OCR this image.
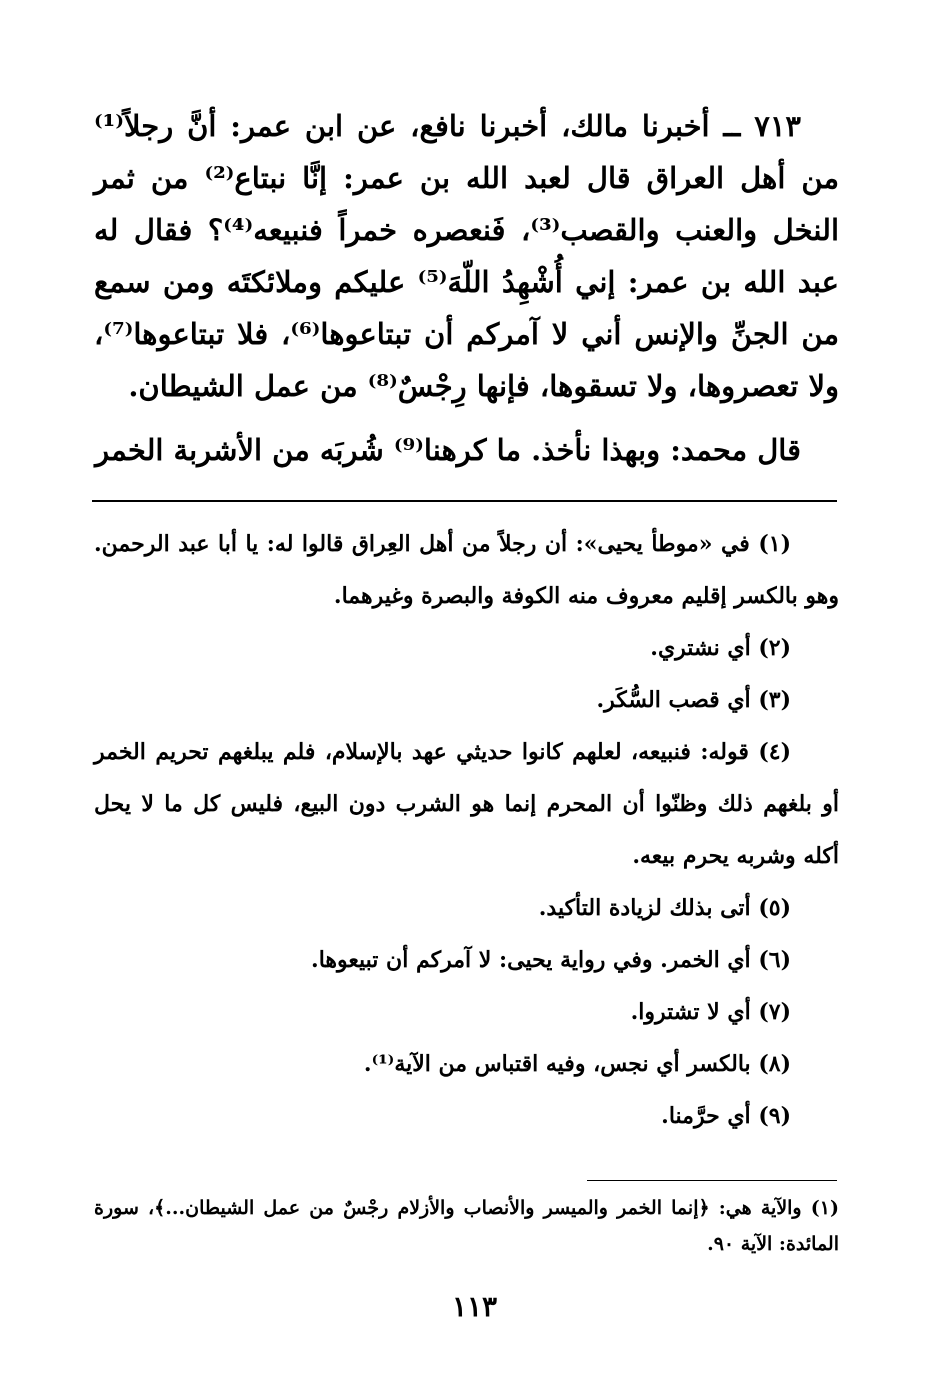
٧١٣ ــ أخبرنا مالك، أخبرنا نافع، عن ابن عمر: أنَّ رجلاً⁽¹⁾ من أهل العراق قال لعبد الله بن عمر: إنَّا نبتاع⁽²⁾ من ثمر النخل والعنب والقصب⁽³⁾، فَنعصره خمراً فنبيعه⁽⁴⁾؟ فقال له عبد الله بن عمر: إني أُشْهِدُ اللّهَ⁽⁵⁾ عليكم وملائكتَه ومن سمع من الجنِّ والإنس أني لا آمركم أن تبتاعوها⁽⁶⁾، فلا تبتاعوها⁽⁷⁾، ولا تعصروها، ولا تسقوها، فإنها رِجْسٌ⁽⁸⁾ من عمل الشيطان.

قال محمد: وبهذا نأخذ. ما كرهنا⁽⁹⁾ شُربَه من الأشربة الخمر

(١) في «موطأ يحيى»: أن رجلاً من أهل العِراق قالوا له: يا أبا عبد الرحمن. وهو بالكسر إقليم معروف منه الكوفة والبصرة وغيرهما.

(٢) أي نشتري.

(٣) أي قصب السُّكَر.

(٤) قوله: فنبيعه، لعلهم كانوا حديثي عهد بالإسلام، فلم يبلغهم تحريم الخمر أو بلغهم ذلك وظنّوا أن المحرم إنما هو الشرب دون البيع، فليس كل ما لا يحل أكله وشربه يحرم بيعه.

(٥) أتى بذلك لزيادة التأكيد.

(٦) أي الخمر. وفي رواية يحيى: لا آمركم أن تبيعوها.

(٧) أي لا تشتروا.

(٨) بالكسر أي نجس، وفيه اقتباس من الآية⁽¹⁾.

(٩) أي حرَّمنا.

(١) والآية هي: ﴿إنما الخمر والميسر والأنصاب والأزلام رجْسٌ من عمل الشيطان...﴾، سورة المائدة: الآية ٩٠.

١١٣
